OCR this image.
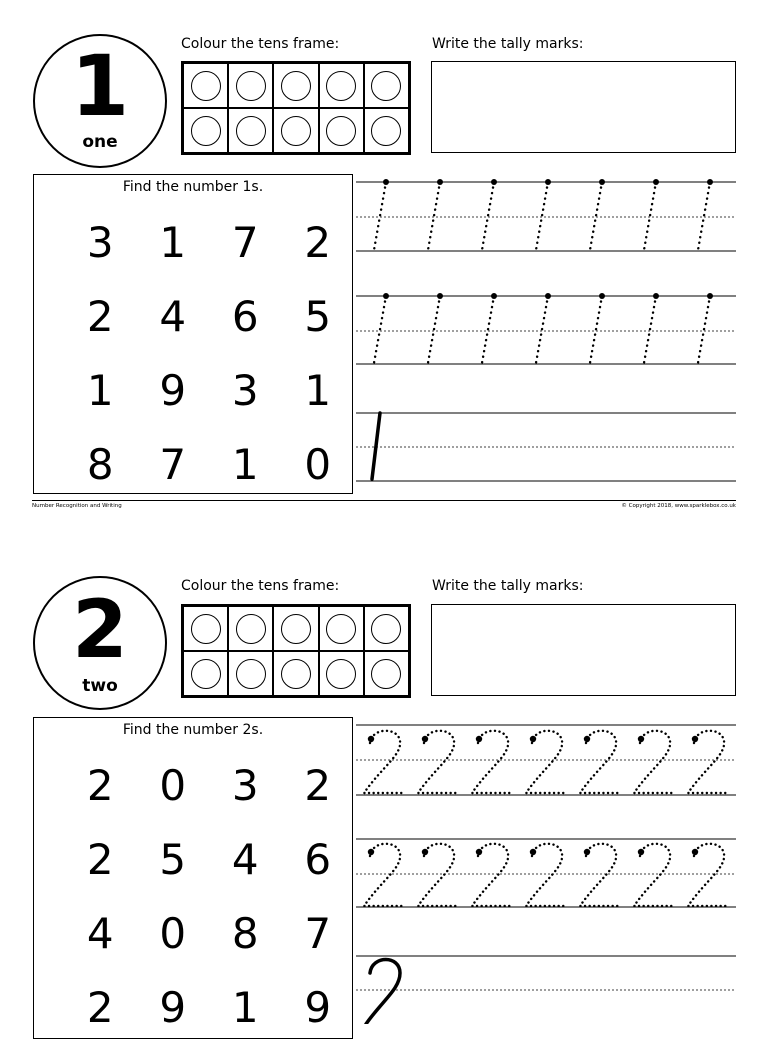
1
one
Colour the tens frame:	Write the tally marks:
Find the number 1s.
3	1	7	2
2	4	6	5
1	9	3	1
8	7	1	0
Number Recognition and Writing	© Copyright 2018, www.sparklebox.co.uk
2
two
Colour the tens frame:	Write the tally marks:
Find the number 2s.
2	0	3	2
2	5	4	6
4	0	8	7
2	9	1	9
